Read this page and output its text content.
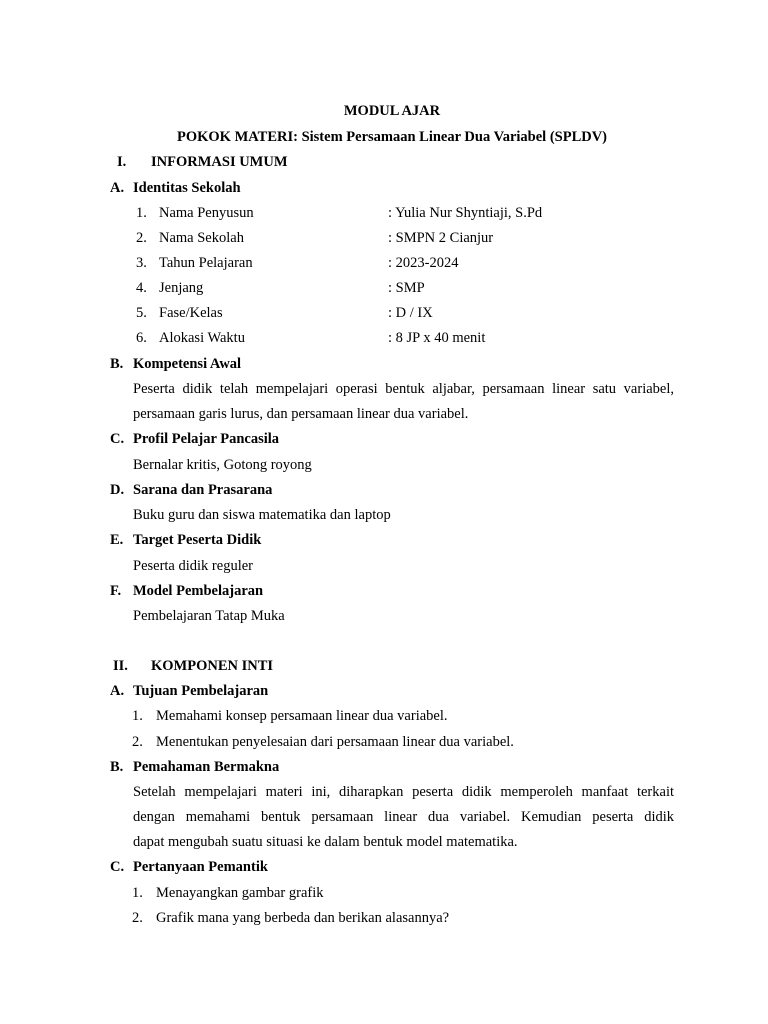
MODUL AJAR
POKOK MATERI: Sistem Persamaan Linear Dua Variabel (SPLDV)
I. INFORMASI UMUM
A. Identitas Sekolah
1. Nama Penyusun	: Yulia Nur Shyntiaji, S.Pd
2. Nama Sekolah	: SMPN 2 Cianjur
3. Tahun Pelajaran	: 2023-2024
4. Jenjang	: SMP
5. Fase/Kelas	: D / IX
6. Alokasi Waktu	: 8 JP x 40 menit
B. Kompetensi Awal
Peserta didik telah mempelajari operasi bentuk aljabar, persamaan linear satu variabel,
persamaan garis lurus, dan persamaan linear dua variabel.
C. Profil Pelajar Pancasila
Bernalar kritis, Gotong royong
D. Sarana dan Prasarana
Buku guru dan siswa matematika dan laptop
E. Target Peserta Didik
Peserta didik reguler
F. Model Pembelajaran
Pembelajaran Tatap Muka
II. KOMPONEN INTI
A. Tujuan Pembelajaran
1. Memahami konsep persamaan linear dua variabel.
2. Menentukan penyelesaian dari persamaan linear dua variabel.
B. Pemahaman Bermakna
Setelah mempelajari materi ini, diharapkan peserta didik memperoleh manfaat terkait
dengan memahami bentuk persamaan linear dua variabel. Kemudian peserta didik
dapat mengubah suatu situasi ke dalam bentuk model matematika.
C. Pertanyaan Pemantik
1. Menayangkan gambar grafik
2. Grafik mana yang berbeda dan berikan alasannya?
